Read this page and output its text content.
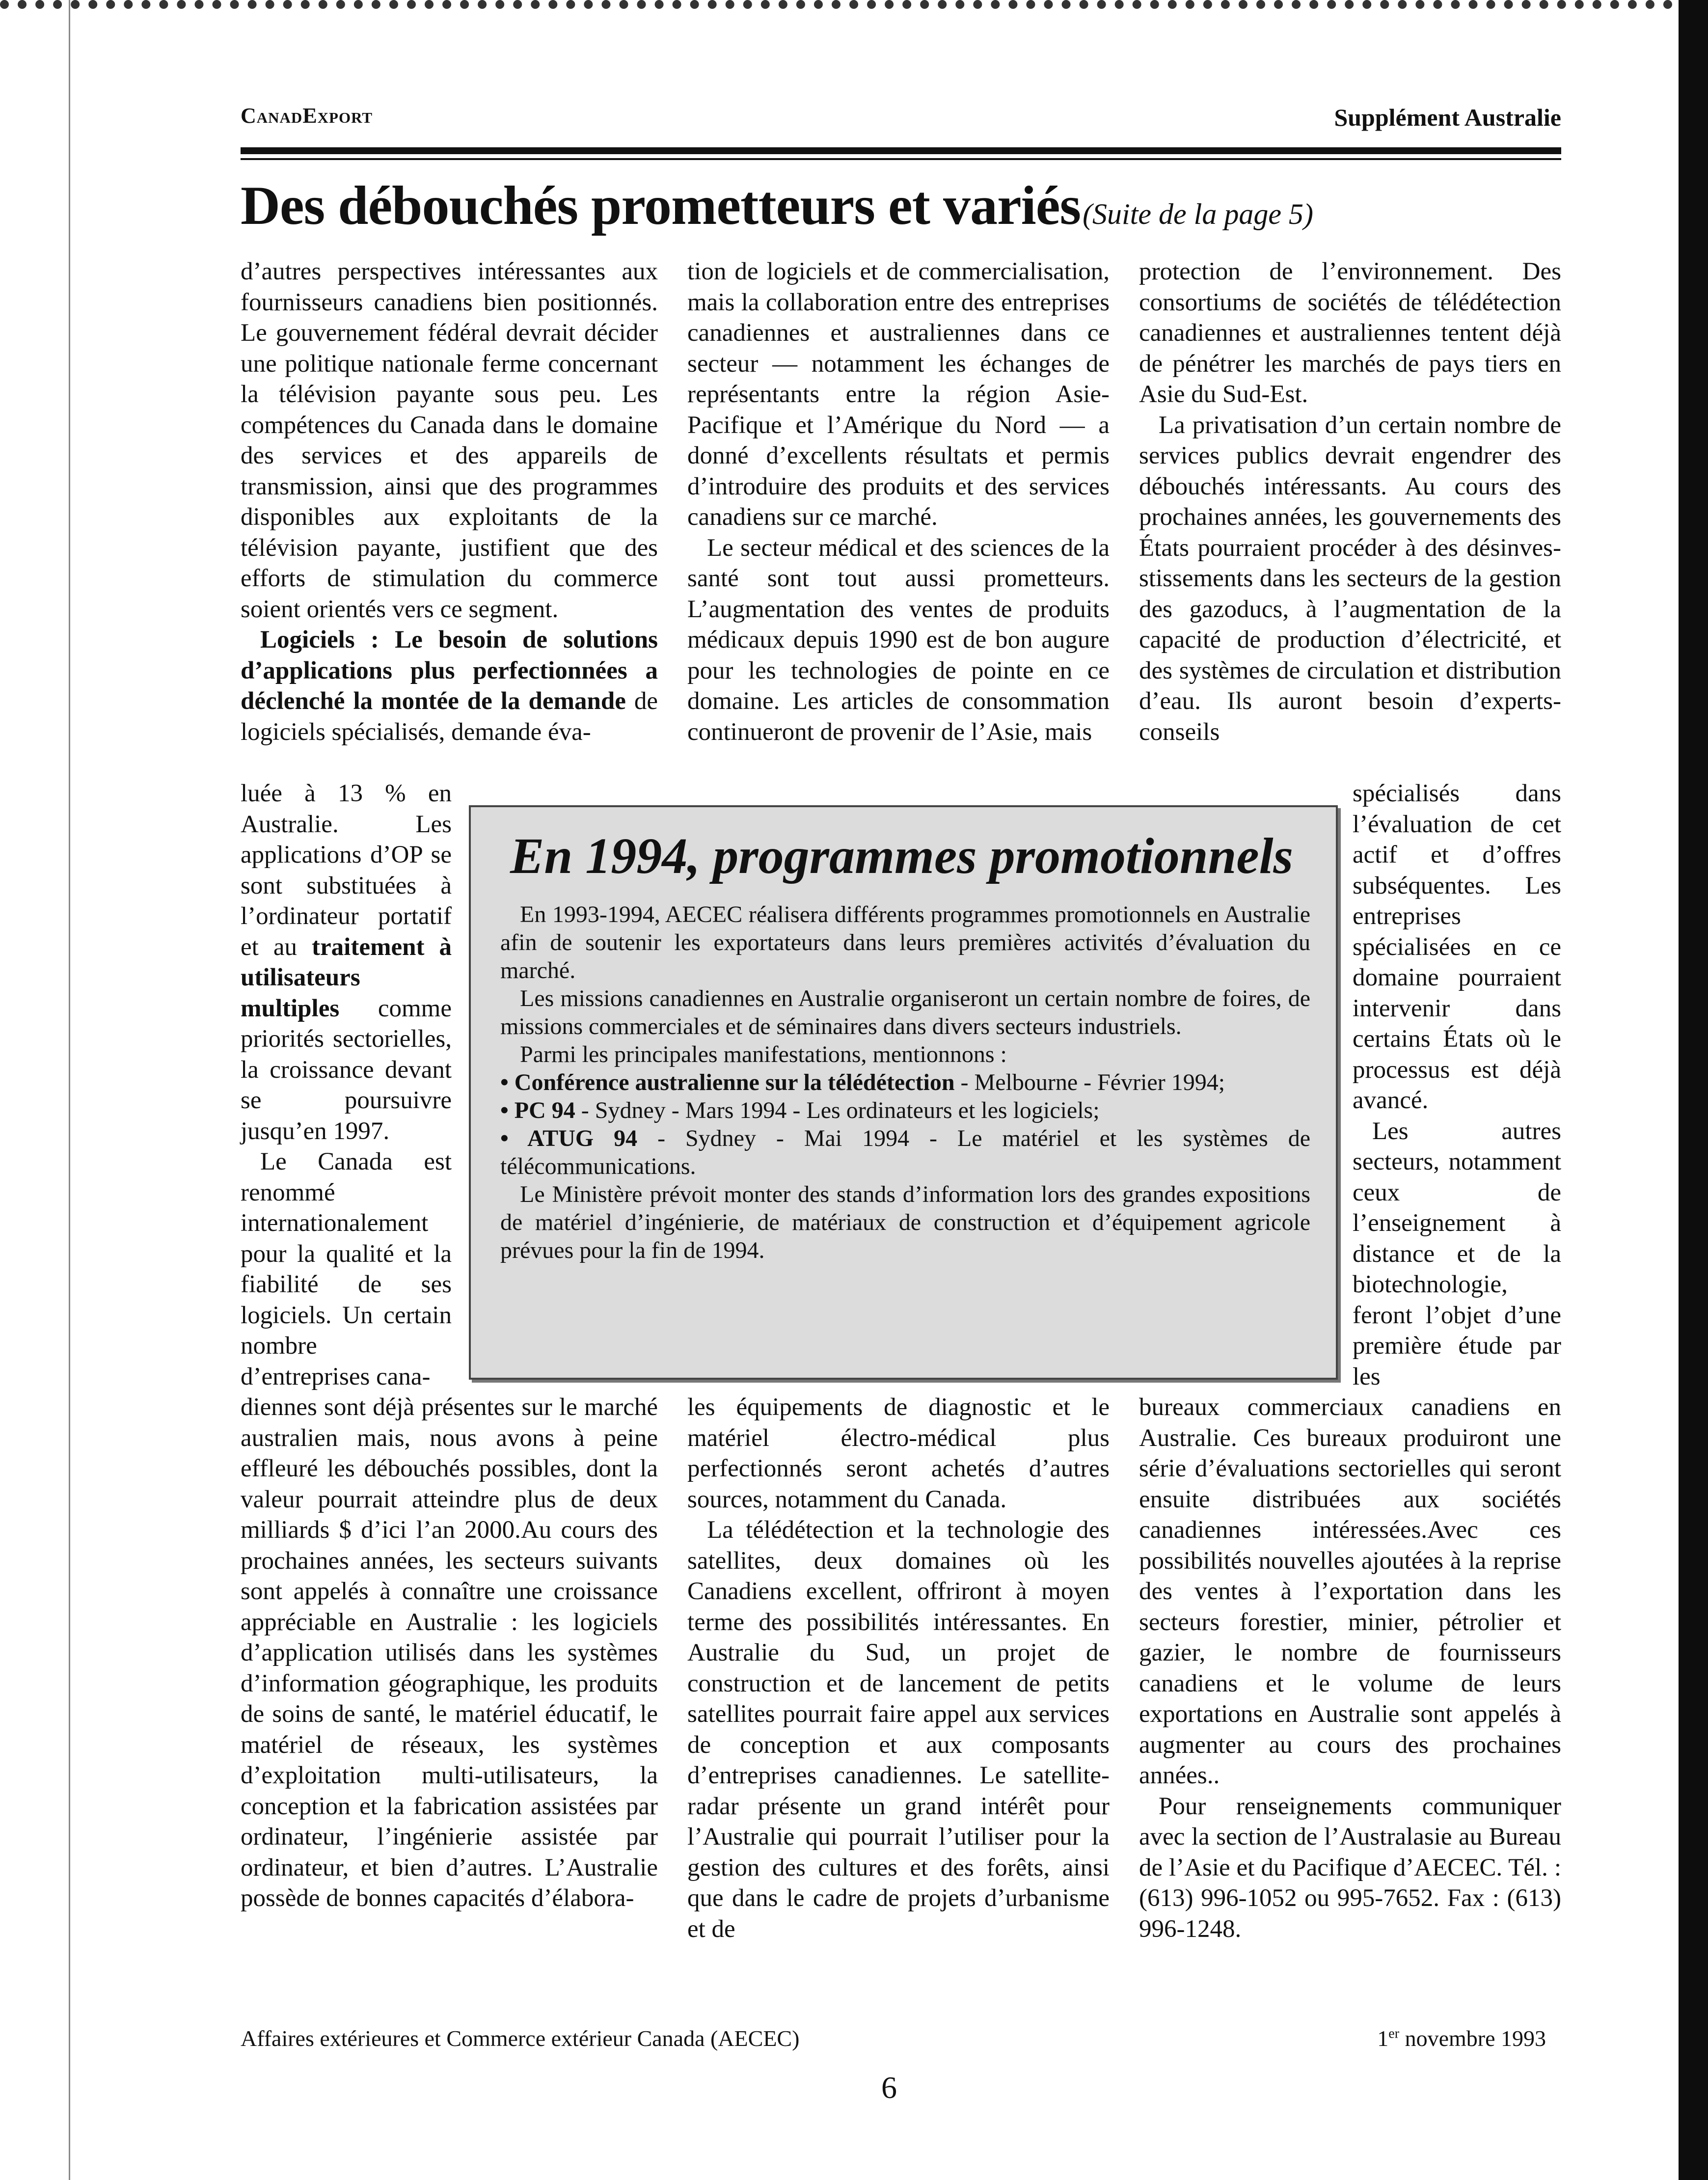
CanadExport	Supplément Australie
Des débouchés prometteurs et variés (Suite de la page 5)

d’autres perspectives intéressantes aux fournisseurs canadiens bien positionnés. Le gouvernement fédéral devrait décider une politique nationale ferme concernant la télévision payante sous peu. Les compétences du Canada dans le domaine des services et des appareils de transmission, ainsi que des programmes disponibles aux exploitants de la télévision payante, justifient que des efforts de stimulation du commerce soient orientés vers ce segment.

Logiciels : Le besoin de solutions d’applications plus perfectionnées a déclenché la montée de la demande de logiciels spécialisés, demande éva-

luée à 13 % en Australie. Les applications d’OP se sont substituées à l’ordinateur portatif et au traitement à utilisateurs multiples comme priorités sectorielles, la croissance devant se poursuivre jusqu’en 1997.

Le Canada est renommé internationalement pour la qualité et la fiabilité de ses logiciels. Un certain nombre d’entreprises cana-

diennes sont déjà présentes sur le marché australien mais, nous avons à peine effleuré les débouchés possibles, dont la valeur pourrait atteindre plus de deux milliards $ d’ici l’an 2000.Au cours des prochaines années, les secteurs suivants sont appelés à connaître une croissance appréciable en Australie : les logiciels d’application utilisés dans les systèmes d’information géographique, les produits de soins de santé, le matériel éducatif, le matériel de réseaux, les systèmes d’exploitation multi-utilisateurs, la conception et la fabrication assistées par ordinateur, l’ingénierie assistée par ordinateur, et bien d’autres. L’Australie possède de bonnes capacités d’élabora-

tion de logiciels et de commercialisation, mais la collaboration entre des entreprises canadiennes et australiennes dans ce secteur — notamment les échanges de représentants entre la région Asie-Pacifique et l’Amérique du Nord — a donné d’excellents résultats et permis d’introduire des produits et des services canadiens sur ce marché.

Le secteur médical et des sciences de la santé sont tout aussi prometteurs. L’augmentation des ventes de produits médicaux depuis 1990 est de bon augure pour les technologies de pointe en ce domaine. Les articles de consommation continueront de provenir de l’Asie, mais

les équipements de diagnostic et le matériel électro-médical plus perfectionnés seront achetés d’autres sources, notamment du Canada.

La télédétection et la technologie des satellites, deux domaines où les Canadiens excellent, offriront à moyen terme des possibilités intéressantes. En Australie du Sud, un projet de construction et de lancement de petits satellites pourrait faire appel aux services de conception et aux composants d’entreprises canadiennes. Le satellite-radar présente un grand intérêt pour l’Australie qui pourrait l’utiliser pour la gestion des cultures et des forêts, ainsi que dans le cadre de projets d’urbanisme et de

protection de l’environnement. Des consortiums de sociétés de télédétection canadiennes et australiennes tentent déjà de pénétrer les marchés de pays tiers en Asie du Sud-Est.

La privatisation d’un certain nombre de services publics devrait engendrer des débouchés intéressants. Au cours des prochaines années, les gouvernements des États pourraient procéder à des désinves-stissements dans les secteurs de la gestion des gazoducs, à l’augmentation de la capacité de production d’électricité, et des systèmes de circulation et distribution d’eau. Ils auront besoin d’experts-conseils

spécialisés dans l’évaluation de cet actif et d’offres subséquentes. Les entreprises spécialisées en ce domaine pourraient intervenir dans certains États où le processus est déjà avancé.

Les autres secteurs, notamment ceux de l’enseignement à distance et de la biotechnologie, feront l’objet d’une première étude par les

bureaux commerciaux canadiens en Australie. Ces bureaux produiront une série d’évaluations sectorielles qui seront ensuite distribuées aux sociétés canadiennes intéressées.Avec ces possibilités nouvelles ajoutées à la reprise des ventes à l’exportation dans les secteurs forestier, minier, pétrolier et gazier, le nombre de fournisseurs canadiens et le volume de leurs exportations en Australie sont appelés à augmenter au cours des prochaines années..

Pour renseignements communiquer avec la section de l’Australasie au Bureau de l’Asie et du Pacifique d’AECEC. Tél. : (613) 996-1052 ou 995-7652. Fax : (613) 996-1248.

En 1994, programmes promotionnels

En 1993-1994, AECEC réalisera différents programmes promotionnels en Australie afin de soutenir les exportateurs dans leurs premières activités d’évaluation du marché.

Les missions canadiennes en Australie organiseront un certain nombre de foires, de missions commerciales et de séminaires dans divers secteurs industriels.

Parmi les principales manifestations, mentionnons :

• Conférence australienne sur la télédétection - Melbourne - Février 1994;

• PC 94 - Sydney - Mars 1994 - Les ordinateurs et les logiciels;

• ATUG 94 - Sydney - Mai 1994 - Le matériel et les systèmes de télécommunications.

Le Ministère prévoit monter des stands d’information lors des grandes expositions de matériel d’ingénierie, de matériaux de construction et d’équipement agricole prévues pour la fin de 1994.

Affaires extérieures et Commerce extérieur Canada (AECEC)	1er novembre 1993
6
